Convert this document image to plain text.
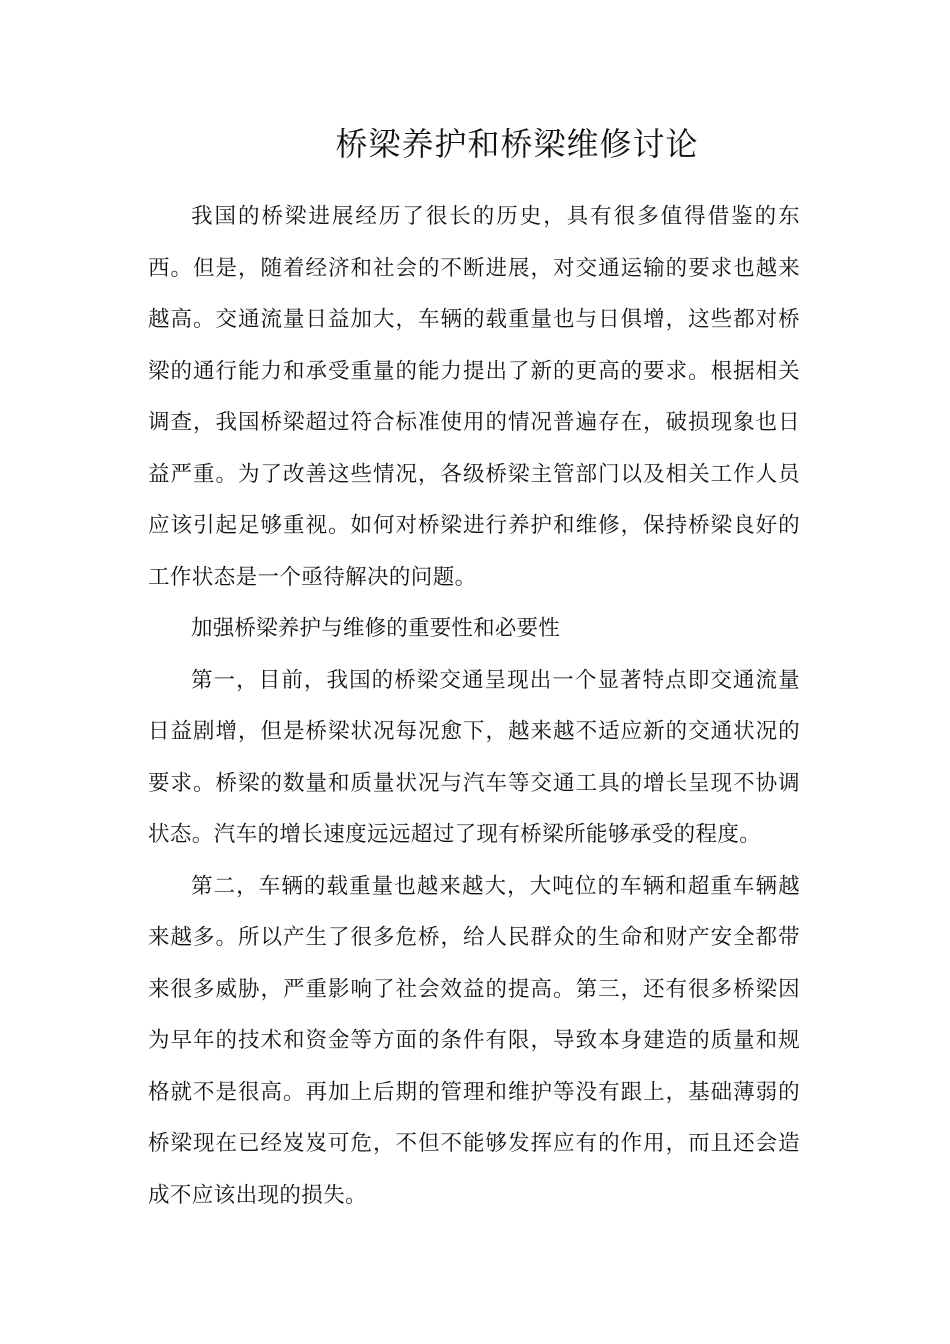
桥梁养护和桥梁维修讨论

我国的桥梁进展经历了很长的历史，具有很多值得借鉴的东西。但是，随着经济和社会的不断进展，对交通运输的要求也越来越高。交通流量日益加大，车辆的载重量也与日俱增，这些都对桥梁的通行能力和承受重量的能力提出了新的更高的要求。根据相关调查，我国桥梁超过符合标准使用的情况普遍存在，破损现象也日益严重。为了改善这些情况，各级桥梁主管部门以及相关工作人员应该引起足够重视。如何对桥梁进行养护和维修，保持桥梁良好的工作状态是一个亟待解决的问题。

加强桥梁养护与维修的重要性和必要性

第一，目前，我国的桥梁交通呈现出一个显著特点即交通流量日益剧增，但是桥梁状况每况愈下，越来越不适应新的交通状况的要求。桥梁的数量和质量状况与汽车等交通工具的增长呈现不协调状态。汽车的增长速度远远超过了现有桥梁所能够承受的程度。

第二，车辆的载重量也越来越大，大吨位的车辆和超重车辆越来越多。所以产生了很多危桥，给人民群众的生命和财产安全都带来很多威胁，严重影响了社会效益的提高。第三，还有很多桥梁因为早年的技术和资金等方面的条件有限，导致本身建造的质量和规格就不是很高。再加上后期的管理和维护等没有跟上，基础薄弱的桥梁现在已经岌岌可危，不但不能够发挥应有的作用，而且还会造成不应该出现的损失。
